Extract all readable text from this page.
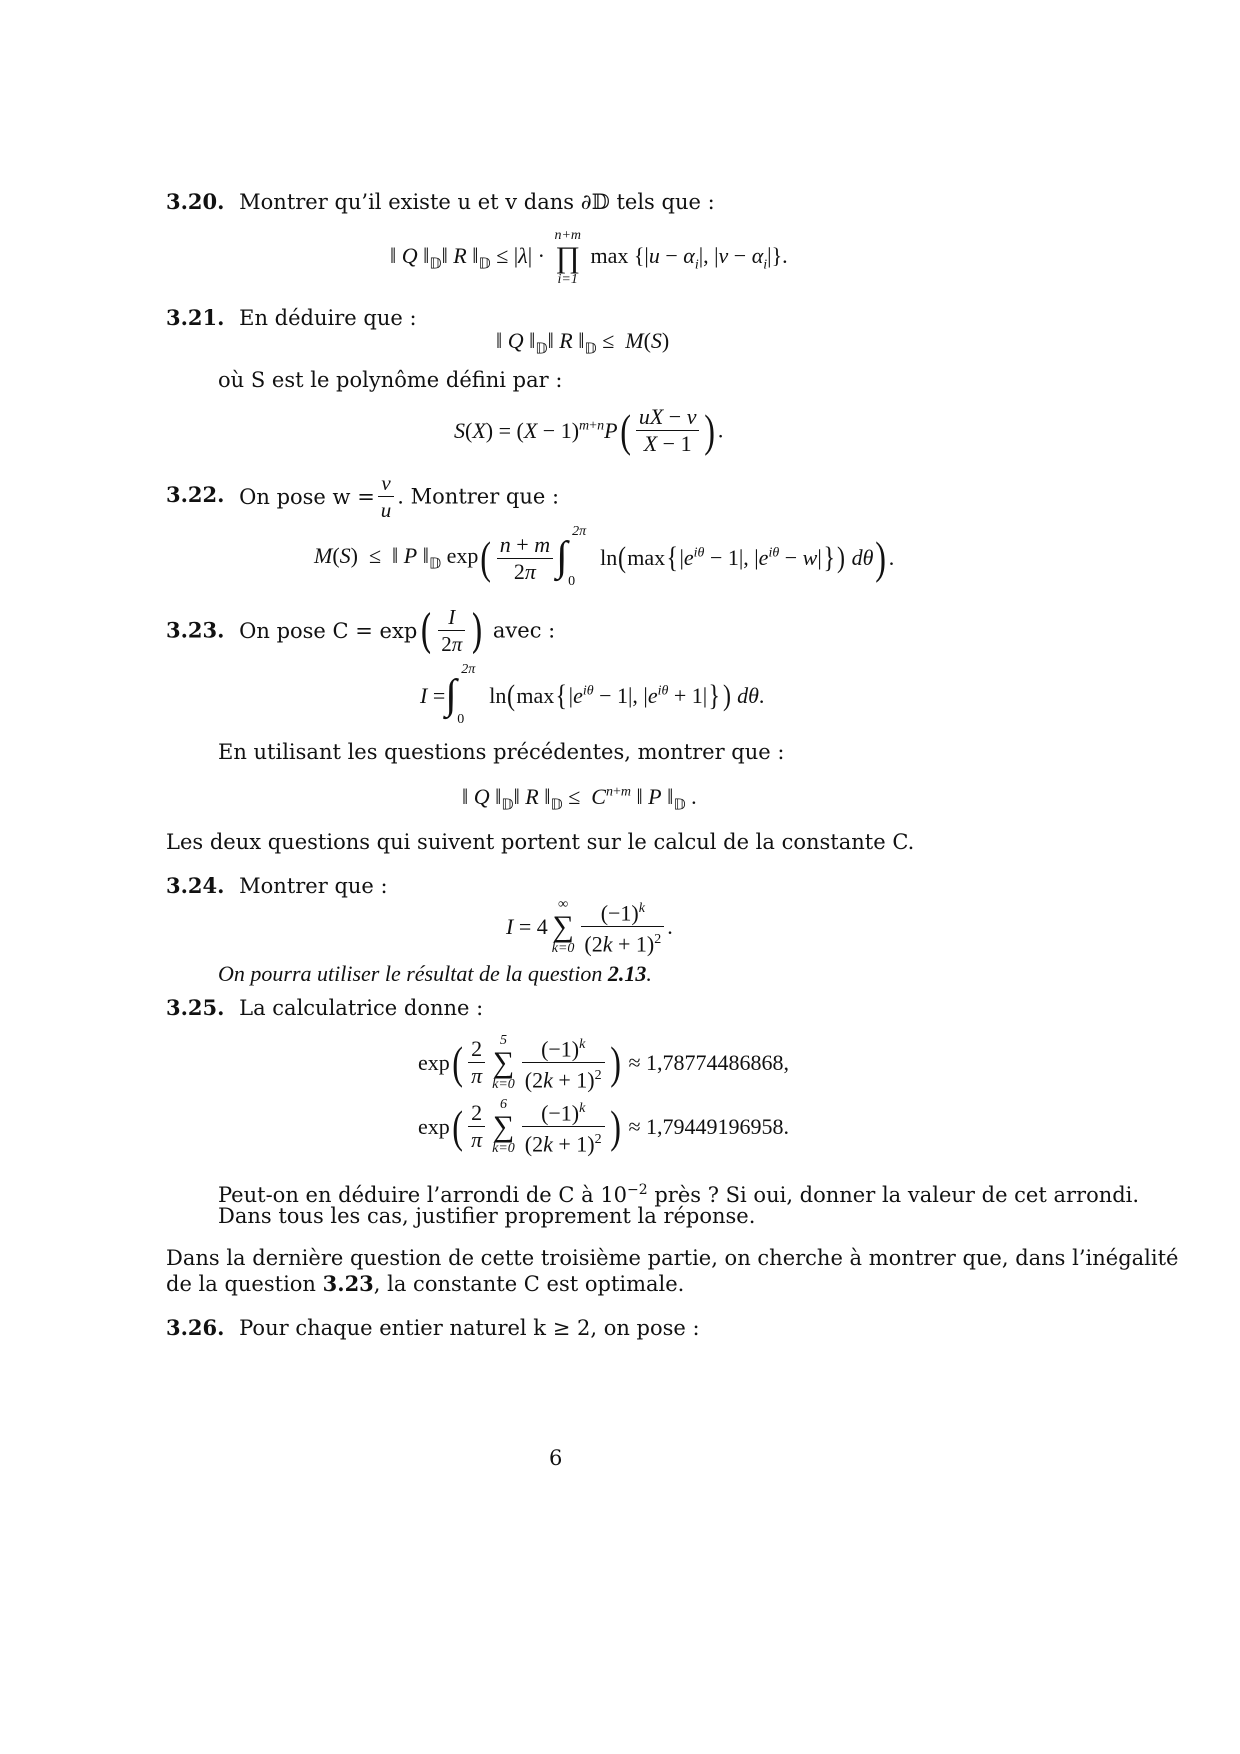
3.20. Montrer qu’il existe u et v dans ∂𝔻 tels que :
‖ Q $‖_𝔻‖$ R $‖_𝔻 \le |\lambda|$ ·
n+m
∏
i=1
$\max \{|u - \alpha_i|$, $|v - \alpha_i|$}.
3.21. En déduire que :
‖ Q $‖_𝔻‖$ R $‖_𝔻 \le M(S)$
où S est le polynôme défini par :
$S(X) = (X - 1)^{m+n}P( \frac{uX - v}{X - 1}$ ) .
3.22. On pose $w = \frac{v}{u}$ . Montrer que :
M(S)  ≤  ‖ P $‖_𝔻$ $\exp( \frac{n + m}{2\pi}$ ∫
2π
0
$\ln(\max\{|e^{i\theta} - 1|$, $|e^{i\theta} - w|$}) dθ) .
3.23. On pose $C = \exp( \frac{I}{2\pi}$ ) avec :
I = ∫
2π
0
$\ln(\max\{|e^{i\theta} - 1|$, $|e^{i\theta} + 1|$}) dθ.
En utilisant les questions précédentes, montrer que :
‖ Q $‖_𝔻‖$ R $‖_𝔻 \le C^{n+m}$ ‖ P $‖_𝔻$ .
Les deux questions qui suivent portent sur le calcul de la constante C.
3.24. Montrer que :
I = 4
∞
∑
$k=0 \frac{(-1)^k}{(2k + 1)^2}$ .
On pourra utiliser le résultat de la question 2.13.
3.25. La calculatrice donne :
$\exp( \frac{2}{\pi}$	5
∑
$k=0 \frac{(-1)^k}{(2k + 1)^2}$ ) ≈ 1,78774486868,
$\exp( \frac{2}{\pi}$	6
∑
$k=0 \frac{(-1)^k}{(2k + 1)^2}$ ) ≈ 1,79449196958.
Peut-on en déduire l’arrondi de C à $10^{-2}$ près ? Si oui, donner la valeur de cet arrondi.
Dans tous les cas, justifier proprement la réponse.
Dans la dernière question de cette troisième partie, on cherche à montrer que, dans l’inégalité
de la question 3.23, la constante C est optimale.
3.26. Pour chaque entier naturel k ≥ 2, on pose :
6
